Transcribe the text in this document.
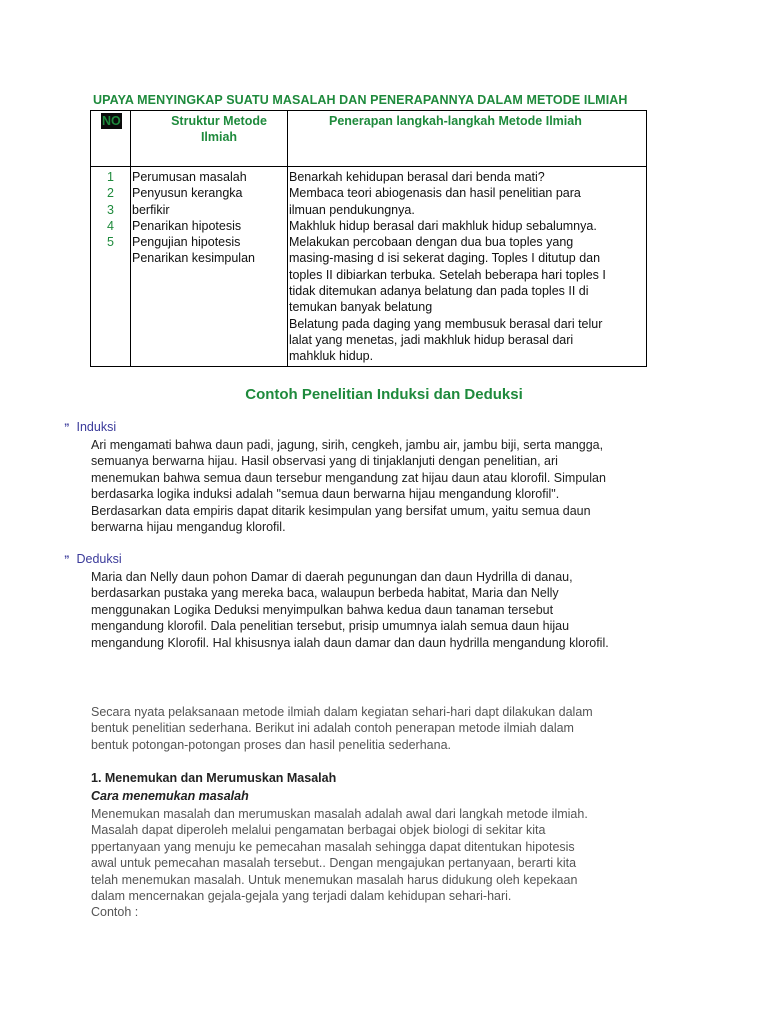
UPAYA MENYINGKAP SUATU MASALAH DAN PENERAPANNYA DALAM METODE ILMIAH
NO	Struktur Metode Ilmiah
Penerapan langkah-langkah Metode Ilmiah
1
2
3
4
5
Perumusan masalah
Penyusun kerangka
berfikir
Penarikan hipotesis
Pengujian hipotesis
Penarikan kesimpulan
Benarkah kehidupan berasal dari benda mati?
Membaca teori abiogenasis dan hasil penelitian para
ilmuan pendukungnya.
Makhluk hidup berasal dari makhluk hidup sebalumnya.
Melakukan percobaan dengan dua bua toples yang
masing-masing d isi sekerat daging. Toples I ditutup dan
toples II dibiarkan terbuka. Setelah beberapa hari toples I
tidak ditemukan adanya belatung dan pada toples II di
temukan banyak belatung
Belatung pada daging yang membusuk berasal dari telur
lalat yang menetas, jadi makhluk hidup berasal dari
mahkluk hidup.
Contoh Penelitian Induksi dan Deduksi
” Induksi
Ari mengamati bahwa daun padi, jagung, sirih, cengkeh, jambu air, jambu biji, serta mangga,
semuanya berwarna hijau. Hasil observasi yang di tinjaklanjuti dengan penelitian, ari
menemukan bahwa semua daun tersebur mengandung zat hijau daun atau klorofil. Simpulan
berdasarka logika induksi adalah "semua daun berwarna hijau mengandung klorofil".
Berdasarkan data empiris dapat ditarik kesimpulan yang bersifat umum, yaitu semua daun
berwarna hijau mengandug klorofil.
” Deduksi
Maria dan Nelly daun pohon Damar di daerah pegunungan dan daun Hydrilla di danau,
berdasarkan pustaka yang mereka baca, walaupun berbeda habitat, Maria dan Nelly
menggunakan Logika Deduksi menyimpulkan bahwa kedua daun tanaman tersebut
mengandung klorofil. Dala penelitian tersebut, prisip umumnya ialah semua daun hijau
mengandung Klorofil. Hal khisusnya ialah daun damar dan daun hydrilla mengandung klorofil.
Secara nyata pelaksanaan metode ilmiah dalam kegiatan sehari-hari dapt dilakukan dalam
bentuk penelitian sederhana. Berikut ini adalah contoh penerapan metode ilmiah dalam
bentuk potongan-potongan proses dan hasil penelitia sederhana.
1. Menemukan dan Merumuskan Masalah
Cara menemukan masalah
Menemukan masalah dan merumuskan masalah adalah awal dari langkah metode ilmiah.
Masalah dapat diperoleh melalui pengamatan berbagai objek biologi di sekitar kita
ppertanyaan yang menuju ke pemecahan masalah sehingga dapat ditentukan hipotesis
awal untuk pemecahan masalah tersebut.. Dengan mengajukan pertanyaan, berarti kita
telah menemukan masalah. Untuk menemukan masalah harus didukung oleh kepekaan
dalam mencernakan gejala-gejala yang terjadi dalam kehidupan sehari-hari.
Contoh :
